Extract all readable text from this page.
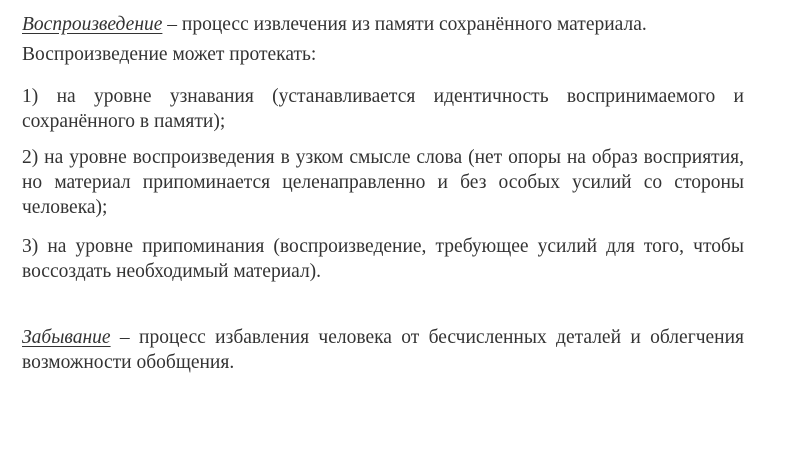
Воспроизведение – процесс извлечения из памяти сохранённого материала.

Воспроизведение может протекать:

1) на уровне узнавания (устанавливается идентичность воспринимаемого и сохранённого в памяти);

2) на уровне воспроизведения в узком смысле слова (нет опоры на образ восприятия, но материал припоминается целенаправленно и без особых усилий со стороны человека);

3) на уровне припоминания (воспроизведение, требующее усилий для того, чтобы воссоздать необходимый материал).

Забывание – процесс избавления человека от бесчисленных деталей и облегчения возможности обобщения.
